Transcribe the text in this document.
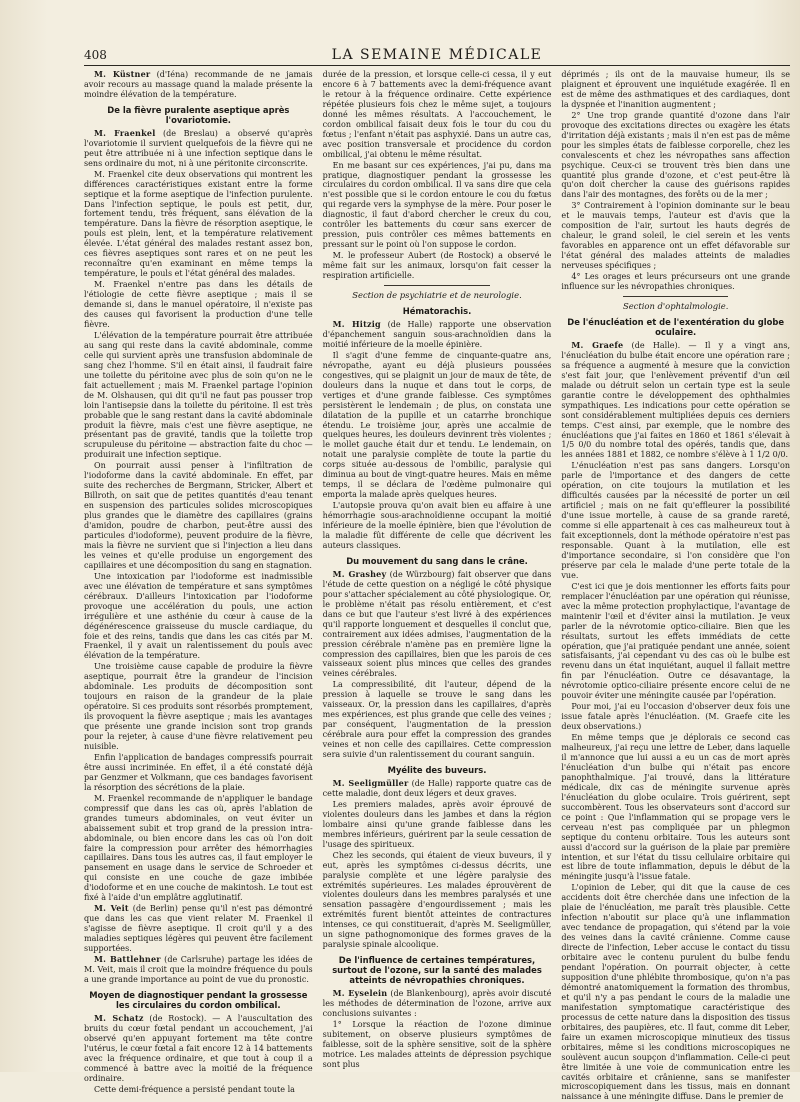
408	LA SEMAINE MÉDICALE

M. Küstner (d'Iéna) recommande de ne jamais avoir recours au massage quand la malade présente la moindre élévation de la température.

De la fièvre puralente aseptique après l'ovariotomie.

M. Fraenkel (de Breslau) a observé qu'après l'ovariotomie il survient quelquefois de la fièvre qui ne peut être attribuée ni à une infection septique dans le sens ordinaire du mot, ni à une péritonite circonscrite.

M. Fraenkel cite deux observations qui montrent les différences caractéristiques existant entre la forme septique et la forme aseptique de l'infection purulente. Dans l'infection septique, le pouls est petit, dur, fortement tendu, très fréquent, sans élévation de la température. Dans la fièvre de résorption aseptique, le pouls est plein, lent, et la température relativement élevée. L'état général des malades restant assez bon, ces fièvres aseptiques sont rares et on ne peut les reconnaître qu'en examinant en même temps la température, le pouls et l'état général des malades.

M. Fraenkel n'entre pas dans les détails de l'étiologie de cette fièvre aseptique ; mais il se demande si, dans le manuel opératoire, il n'existe pas des causes qui favorisent la production d'une telle fièvre.

L'élévation de la température pourrait être attribuée au sang qui reste dans la cavité abdominale, comme celle qui survient après une transfusion abdominale de sang chez l'homme. S'il en était ainsi, il faudrait faire une toilette du péritoine avec plus de soin qu'on ne le fait actuellement ; mais M. Fraenkel partage l'opinion de M. Olshausen, qui dit qu'il ne faut pas pousser trop loin l'antisepsie dans la toilette du péritoine. Il est très probable que le sang restant dans la cavité abdominale produit la fièvre, mais c'est une fièvre aseptique, ne présentant pas de gravité, tandis que la toilette trop scrupuleuse du péritoine — abstraction faite du choc — produirait une infection septique.

On pourrait aussi penser à l'infiltration de l'iodoforme dans la cavité abdominale. En effet, par suite des recherches de Bergmann, Stricker, Albert et Billroth, on sait que de petites quantités d'eau tenant en suspension des particules solides microscopiques plus grandes que le diamètre des capillaires (grains d'amidon, poudre de charbon, peut-être aussi des particules d'iodoforme), peuvent produire de la fièvre, mais la fièvre ne survient que si l'injection a lieu dans les veines et qu'elle produise un engorgement des capillaires et une décomposition du sang en stagnation.

Une intoxication par l'iodoforme est inadmissible avec une élévation de température et sans symptômes cérébraux. D'ailleurs l'intoxication par l'iodoforme provoque une accélération du pouls, une action irrégulière et une asthénie du cœur à cause de la dégénérescence graisseuse du muscle cardiaque, du foie et des reins, tandis que dans les cas cités par M. Fraenkel, il y avait un ralentissement du pouls avec élévation de la température.

Une troisième cause capable de produire la fièvre aseptique, pourrait être la grandeur de l'incision abdominale. Les produits de décomposition sont toujours en raison de la grandeur de la plaie opératoire. Si ces produits sont résorbés promptement, ils provoquent la fièvre aseptique ; mais les avantages que présente une grande incision sont trop grands pour la rejeter, à cause d'une fièvre relativement peu nuisible.

Enfin l'application de bandages compressifs pourrait être aussi incriminée. En effet, il a été constaté déjà par Genzmer et Volkmann, que ces bandages favorisent la résorption des sécrétions de la plaie.

M. Fraenkel recommande de n'appliquer le bandage compressif que dans les cas où, après l'ablation de grandes tumeurs abdominales, on veut éviter un abaissement subit et trop grand de la pression intra-abdominale, ou bien encore dans les cas où l'on doit faire la compression pour arrêter des hémorrhagies capillaires. Dans tous les autres cas, il faut employer le pansement en usage dans le service de Schroeder et qui consiste en une couche de gaze imbibée d'iodoforme et en une couche de makintosh. Le tout est fixé à l'aide d'un emplâtre agglutinatif.

M. Veit (de Berlin) pense qu'il n'est pas démontré que dans les cas que vient relater M. Fraenkel il s'agisse de fièvre aseptique. Il croit qu'il y a des maladies septiques légères qui peuvent être facilement supportées.

M. Battlehner (de Carlsruhe) partage les idées de M. Veit, mais il croit que la moindre fréquence du pouls a une grande importance au point de vue du pronostic.

Moyen de diagnostiquer pendant la grossesse les circulaires du cordon ombilical.

M. Schatz (de Rostock). — A l'auscultation des bruits du cœur fœtal pendant un accouchement, j'ai observé qu'en appuyant fortement ma tête contre l'utérus, le cœur fœtal a fait encore 12 à 14 battements avec la fréquence ordinaire, et que tout à coup il a commencé à battre avec la moitié de la fréquence ordinaire.

Cette demi-fréquence a persisté pendant toute la

durée de la pression, et lorsque celle-ci cessa, il y eut encore 6 à 7 battements avec la demi-fréquence avant le retour à la fréquence ordinaire. Cette expérience répétée plusieurs fois chez le même sujet, a toujours donné les mêmes résultats. A l'accouchement, le cordon ombilical faisait deux fois le tour du cou du fœtus ; l'enfant n'était pas asphyxié. Dans un autre cas, avec position transversale et procidence du cordon ombilical, j'ai obtenu le même résultat.

En me basant sur ces expériences, j'ai pu, dans ma pratique, diagnostiquer pendant la grossesse les circulaires du cordon ombilical. Il va sans dire que cela n'est possible que si le cordon entoure le cou du fœtus qui regarde vers la symphyse de la mère. Pour poser le diagnostic, il faut d'abord chercher le creux du cou, contrôler les battements du cœur sans exercer de pression, puis contrôler ces mêmes battements en pressant sur le point où l'on suppose le cordon.

M. le professeur Aubert (de Rostock) a observé le même fait sur les animaux, lorsqu'on fait cesser la respiration artificielle.

Section de psychiatrie et de neurologie.
Hématorachis.

M. Hitzig (de Halle) rapporte une observation d'épanchement sanguin sous-arachnoïdien dans la moitié inférieure de la moelle épinière.

Il s'agit d'une femme de cinquante-quatre ans, névropathe, ayant eu déjà plusieurs poussées congestives, qui se plaignit un jour de maux de tête, de douleurs dans la nuque et dans tout le corps, de vertiges et d'une grande faiblesse. Ces symptômes persistèrent le lendemain ; de plus, on constata une dilatation de la pupille et un catarrhe bronchique étendu. Le troisième jour, après une accalmie de quelques heures, les douleurs devinrent très violentes ; le mollet gauche était dur et tendu. Le lendemain, on notait une paralysie complète de toute la partie du corps située au-dessous de l'ombilic, paralysie qui diminua au bout de vingt-quatre heures. Mais en même temps, il se déclara de l'œdème pulmonaire qui emporta la malade après quelques heures.

L'autopsie prouva qu'on avait bien eu affaire à une hémorrhagie sous-arachnoïdienne occupant la moitié inférieure de la moelle épinière, bien que l'évolution de la maladie fût différente de celle que décrivent les auteurs classiques.

Du mouvement du sang dans le crâne.

M. Grashey (de Würzbourg) fait observer que dans l'étude de cette question on a négligé le côté physique pour s'attacher spécialement au côté physiologique. Or, le problème n'était pas résolu entièrement, et c'est dans ce but que l'auteur s'est livré à des expériences qu'il rapporte longuement et desquelles il conclut que, contrairement aux idées admises, l'augmentation de la pression cérébrale n'amène pas en première ligne la compression des capillaires, bien que les parois de ces vaisseaux soient plus minces que celles des grandes veines cérébrales.

La compressibilité, dit l'auteur, dépend de la pression à laquelle se trouve le sang dans les vaisseaux. Or, la pression dans les capillaires, d'après mes expériences, est plus grande que celle des veines ; par conséquent, l'augmentation de la pression cérébrale aura pour effet la compression des grandes veines et non celle des capillaires. Cette compression sera suivie d'un ralentissement du courant sanguin.

Myélite des buveurs.

M. Seeligmüller (de Halle) rapporte quatre cas de cette maladie, dont deux légers et deux graves.

Les premiers malades, après avoir éprouvé de violentes douleurs dans les jambes et dans la région lombaire ainsi qu'une grande faiblesse dans les membres inférieurs, guérirent par la seule cessation de l'usage des spiritueux.

Chez les seconds, qui étaient de vieux buveurs, il y eut, après les symptômes ci-dessus décrits, une paralysie complète et une légère paralysie des extrémités supérieures. Les malades éprouvèrent de violentes douleurs dans les membres paralysés et une sensation passagère d'engourdissement ; mais les extrémités furent bientôt atteintes de contractures intenses, ce qui constituerait, d'après M. Seeligmüller, un signe pathognomonique des formes graves de la paralysie spinale alcoolique.

De l'influence de certaines températures, surtout de l'ozone, sur la santé des malades atteints de névropathies chroniques.

M. Eyselein (de Blankenbourg), après avoir discuté les méthodes de détermination de l'ozone, arrive aux conclusions suivantes :

1° Lorsque la réaction de l'ozone diminue subitement, on observe plusieurs symptômes de faiblesse, soit de la sphère sensitive, soit de la sphère motrice. Les malades atteints de dépression psychique sont plus

déprimés ; ils ont de la mauvaise humeur, ils se plaignent et éprouvent une inquiétude exagérée. Il en est de même des asthmatiques et des cardiaques, dont la dyspnée et l'inanition augmentent ;

2° Une trop grande quantité d'ozone dans l'air provoque des excitations directes ou exagère les états d'irritation déjà existants ; mais il n'en est pas de même pour les simples états de faiblesse corporelle, chez les convalescents et chez les névropathes sans affection psychique. Ceux-ci se trouvent très bien dans une quantité plus grande d'ozone, et c'est peut-être là qu'on doit chercher la cause des guérisons rapides dans l'air des montagnes, des forêts ou de la mer ;

3° Contrairement à l'opinion dominante sur le beau et le mauvais temps, l'auteur est d'avis que la composition de l'air, surtout les hauts degrés de chaleur, le grand soleil, le ciel serein et les vents favorables en apparence ont un effet défavorable sur l'état général des malades atteints de maladies nerveuses spécifiques ;

4° Les orages et leurs précurseurs ont une grande influence sur les névropathies chroniques.

Section d'ophtalmologie.
De l'énucléation et de l'exentération du globe oculaire.

M. Graefe (de Halle). — Il y a vingt ans, l'énucléation du bulbe était encore une opération rare ; sa fréquence a augmenté à mesure que la conviction s'est fait jour, que l'enlèvement préventif d'un œil malade ou détruit selon un certain type est la seule garantie contre le développement des ophthalmies sympathiques. Les indications pour cette opération se sont considérablement multipliées depuis ces derniers temps. C'est ainsi, par exemple, que le nombre des énucléations que j'ai faites en 1860 et 1861 s'élevait à 1/5 0/0 du nombre total des opérés, tandis que, dans les années 1881 et 1882, ce nombre s'élève à 1 1/2 0/0.

L'énucléation n'est pas sans dangers. Lorsqu'on parle de l'importance et des dangers de cette opération, on cite toujours la mutilation et les difficultés causées par la nécessité de porter un œil artificiel ; mais on ne fait qu'effleurer la possibilité d'une issue mortelle, à cause de sa grande rareté, comme si elle appartenait à ces cas malheureux tout à fait exceptionnels, dont la méthode opératoire n'est pas responsable. Quant à la mutilation, elle est d'importance secondaire, si l'on considère que l'on préserve par cela le malade d'une perte totale de la vue.

C'est ici que je dois mentionner les efforts faits pour remplacer l'énucléation par une opération qui réunisse, avec la même protection prophylactique, l'avantage de maintenir l'œil et d'éviter ainsi la mutilation. Je veux parler de la névrotomie optico-ciliaire. Bien que les résultats, surtout les effets immédiats de cette opération, que j'ai pratiquée pendant une année, soient satisfaisants, j'ai cependant vu des cas où le bulbe est revenu dans un état inquiétant, auquel il fallait mettre fin par l'énucléation. Outre ce désavantage, la névrotomie optico-ciliaire présente encore celui de ne pouvoir éviter une méningite causée par l'opération.

Pour moi, j'ai eu l'occasion d'observer deux fois une issue fatale après l'énucléation. (M. Graefe cite les deux observations.)

En même temps que je déplorais ce second cas malheureux, j'ai reçu une lettre de Leber, dans laquelle il m'annonce que lui aussi a eu un cas de mort après l'énucléation d'un bulbe qui n'était pas encore panophthalmique. J'ai trouvé, dans la littérature médicale, dix cas de méningite survenue après l'énucléation du globe oculaire. Trois guérirent, sept succombèrent. Tous les observateurs sont d'accord sur ce point : Que l'inflammation qui se propage vers le cerveau n'est pas compliquée par un phlegmon septique du contenu orbitaire. Tous les auteurs sont aussi d'accord sur la guérison de la plaie par première intention, et sur l'état du tissu cellulaire orbitaire qui est libre de toute inflammation, depuis le début de la méningite jusqu'à l'issue fatale.

L'opinion de Leber, qui dit que la cause de ces accidents doit être cherchée dans une infection de la plaie de l'énucléation, me paraît très plausible. Cette infection n'aboutit sur place qu'à une inflammation avec tendance de propagation, qui s'étend par la voie des veines dans la cavité crânienne. Comme cause directe de l'infection, Leber accuse le contact du tissu orbitaire avec le contenu purulent du bulbe fendu pendant l'opération. On pourrait objecter, à cette supposition d'une phlébite thrombosique, qu'on n'a pas démontré anatomiquement la formation des thrombus, et qu'il n'y a pas pendant le cours de la maladie une manifestation symptomatique caractéristique des processus de cette nature dans la disposition des tissus orbitaires, des paupières, etc. Il faut, comme dit Leber, faire un examen microscopique minutieux des tissus orbitaires, même si les conditions microscopiques ne soulèvent aucun soupçon d'inflammation. Celle-ci peut être limitée à une voie de communication entre les cavités orbitaire et crânienne, sans se manifester microscopiquement dans les tissus, mais en donnant naissance à une méningite diffuse. Dans le premier de
